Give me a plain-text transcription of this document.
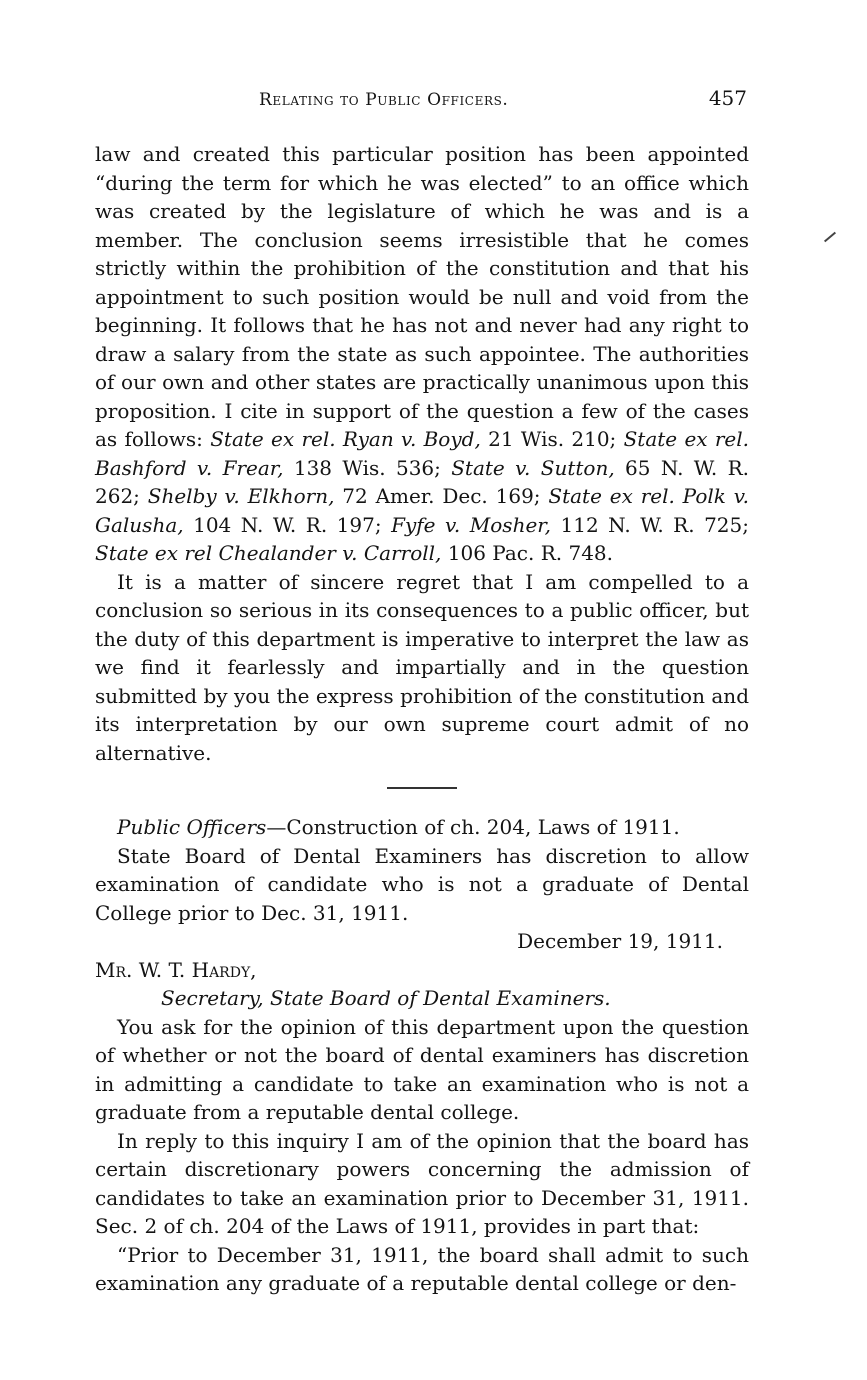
Relating to Public Officers.	457

law and created this particular position has been appointed “during the term for which he was elected” to an office which was created by the legislature of which he was and is a member. The conclusion seems irresistible that he comes strictly within the prohibition of the constitution and that his appointment to such position would be null and void from the beginning. It follows that he has not and never had any right to draw a salary from the state as such appointee. The authorities of our own and other states are practically unanimous upon this proposition. I cite in support of the question a few of the cases as follows: State ex rel. Ryan v. Boyd, 21 Wis. 210; State ex rel. Bashford v. Frear, 138 Wis. 536; State v. Sutton, 65 N. W. R. 262; Shelby v. Elkhorn, 72 Amer. Dec. 169; State ex rel. Polk v. Galusha, 104 N. W. R. 197; Fyfe v. Mosher, 112 N. W. R. 725; State ex rel Chealander v. Carroll, 106 Pac. R. 748.

It is a matter of sincere regret that I am compelled to a conclusion so serious in its consequences to a public officer, but the duty of this department is imperative to interpret the law as we find it fearlessly and impartially and in the question submitted by you the express prohibition of the constitution and its interpretation by our own supreme court admit of no alternative.

Public Officers—Construction of ch. 204, Laws of 1911.

State Board of Dental Examiners has discretion to allow examination of candidate who is not a graduate of Dental College prior to Dec. 31, 1911.

December 19, 1911.

Mr. W. T. Hardy,

Secretary, State Board of Dental Examiners.

You ask for the opinion of this department upon the question of whether or not the board of dental examiners has discretion in admitting a candidate to take an examination who is not a graduate from a reputable dental college.

In reply to this inquiry I am of the opinion that the board has certain discretionary powers concerning the admission of candidates to take an examination prior to December 31, 1911. Sec. 2 of ch. 204 of the Laws of 1911, provides in part that:

“Prior to December 31, 1911, the board shall admit to such examination any graduate of a reputable dental college or den-
